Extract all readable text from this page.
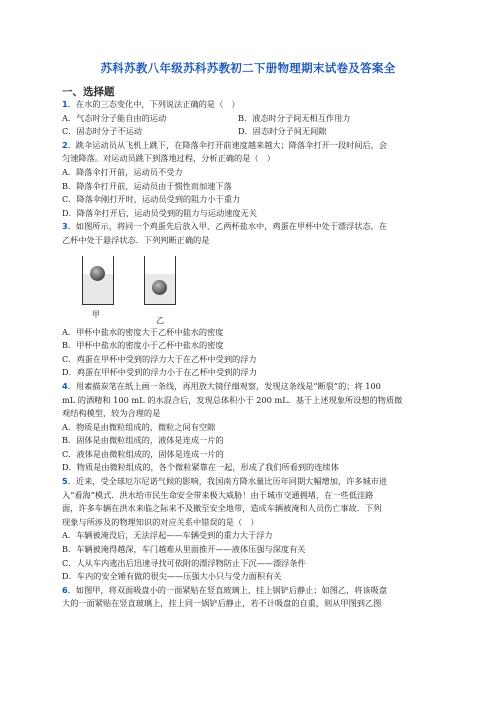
苏科苏教八年级苏科苏教初二下册物理期末试卷及答案全
一、选择题
1．在水的三态变化中，下列说法正确的是（　）
A．气态时分子能自由的运动	B．液态时分子间无相互作用力
C．固态时分子不运动	D．固态时分子间无间隙
2．跳伞运动员从飞机上跳下，在降落伞打开前速度越来越大；降落伞打开一段时间后，会
匀速降落。对运动员跳下到落地过程，分析正确的是（　）
A．降落伞打开前，运动员不受力
B．降落伞打开前，运动员由于惯性而加速下落
C．降落伞刚打开时，运动员受到的阻力小于重力
D．降落伞打开后，运动员受到的阻力与运动速度无关
3．如图所示，将同一个鸡蛋先后放入甲、乙两杯盐水中，鸡蛋在甲杯中处于漂浮状态，在
乙杯中处于悬浮状态．下列判断正确的是
甲
乙
A．甲杯中盐水的密度大于乙杯中盐水的密度
B．甲杯中盐水的密度小于乙杯中盐水的密度
C．鸡蛋在甲杯中受到的浮力大于在乙杯中受到的浮力
D．鸡蛋在甲杯中受到的浮力小于在乙杯中受到的浮力
4．用素描炭笔在纸上画一条线，再用放大镜仔细观察，发现这条线是“断裂”的；将 100
mL 的酒精和 100 mL 的水混合后，发现总体积小于 200 mL．基于上述现象所设想的物质微
观结构模型，较为合理的是
A．物质是由微粒组成的，微粒之间有空隙
B．固体是由微粒组成的，液体是连成一片的
C．液体是由微粒组成的，固体是连成一片的
D．物质是由微粒组成的，各个微粒紧靠在一起，形成了我们所看到的连续体
5．近来，受全球厄尔尼诺气候的影响，我国南方降水量比历年同期大幅增加，许多城市进
入“看海”模式．洪水给市民生命安全带来极大威胁！由于城市交通拥堵，在一些低洼路
面，许多车辆在洪水来临之际来不及撤至安全地带，造成车辆被淹和人员伤亡事故．下列
现象与所涉及的物理知识的对应关系中错误的是（　）
A．车辆被淹没后，无法浮起——车辆受到的重力大于浮力
B．车辆被淹得越深，车门越难从里面推开——液体压强与深度有关
C．人从车内逃出后迅速寻找可依附的漂浮物防止下沉——漂浮条件
D．车内的安全锤有做的很尖——压强大小只与受力面积有关
6．如图甲，将双面吸盘小的一面紧贴在竖直玻璃上，挂上锅铲后静止；如图乙，将该吸盘
大的一面紧贴在竖直玻璃上，挂上同一锅铲后静止，若不计吸盘的自重，则从甲图到乙图
